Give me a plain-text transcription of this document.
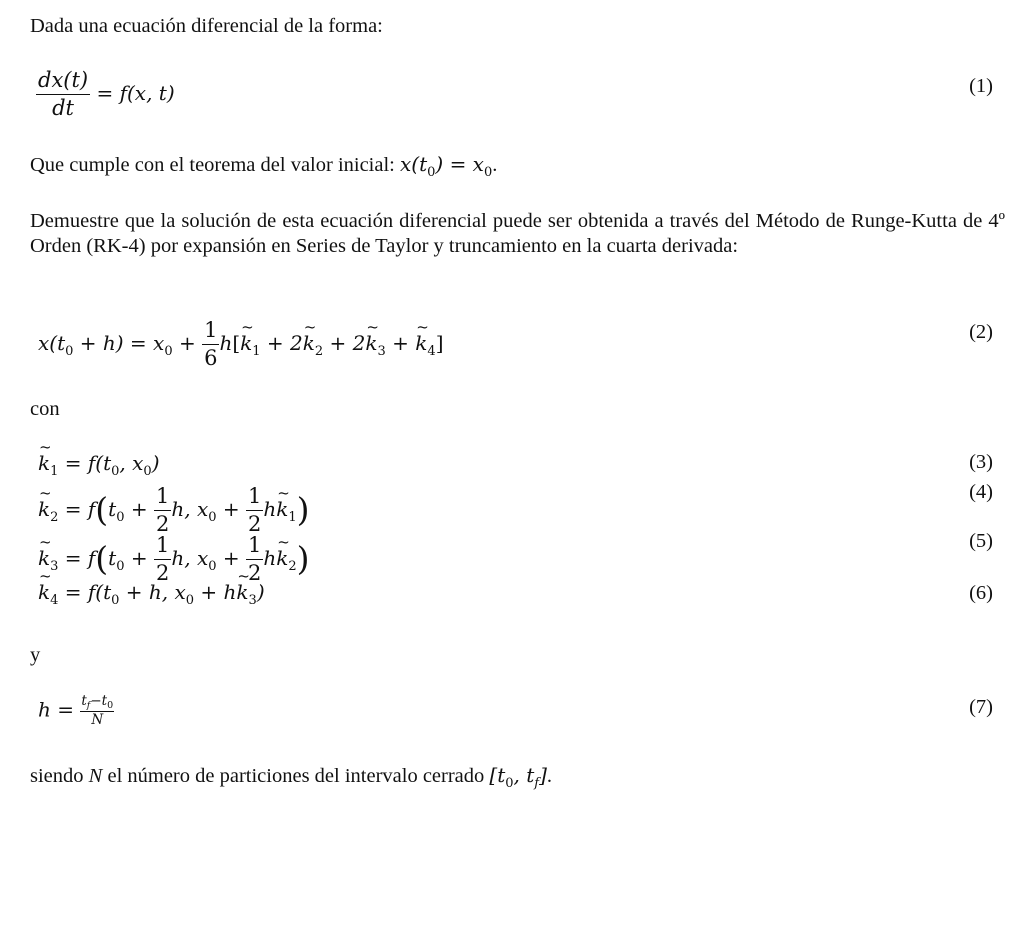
Dada una ecuación diferencial de la forma:
$\frac{dx(t)}{dt} = f(x$, t)	(1)
Que cumple con el teorema del valor inicial: $x(t_0) = x_0$.
Demuestre que la solución de esta ecuación diferencial puede ser obtenida a través del Método de Runge-Kutta de 4º Orden (RK-4) por expansión en Series de Taylor y truncamiento en la cuarta derivada:
$x(t_0 + h) = x_0 + \frac{1}{6}$ h[~ $k_1$ + 2~ $k_2$ + 2~ $k_3$ + ~ $k_4$]	(2)
con
~ $k_1 = f(t_0$, $x_0$)	(3)
~ $k_2 = f(t_0 + \frac{1}{2} h$, $x_0 + \frac{1}{2}$ h~ $k_1$)	(4)
~ $k_3 = f(t_0 + \frac{1}{2} h$, $x_0 + \frac{1}{2}$ h~ $k_2$)	(5)
~ $k_4 = f(t_0 + h$, $x_0$ + h~ $k_3$)	(6)
y
$h = \frac{t_f-t_0}{N}$	(7)
siendo N el número de particiones del intervalo cerrado [$t_0$, $t_f$].
